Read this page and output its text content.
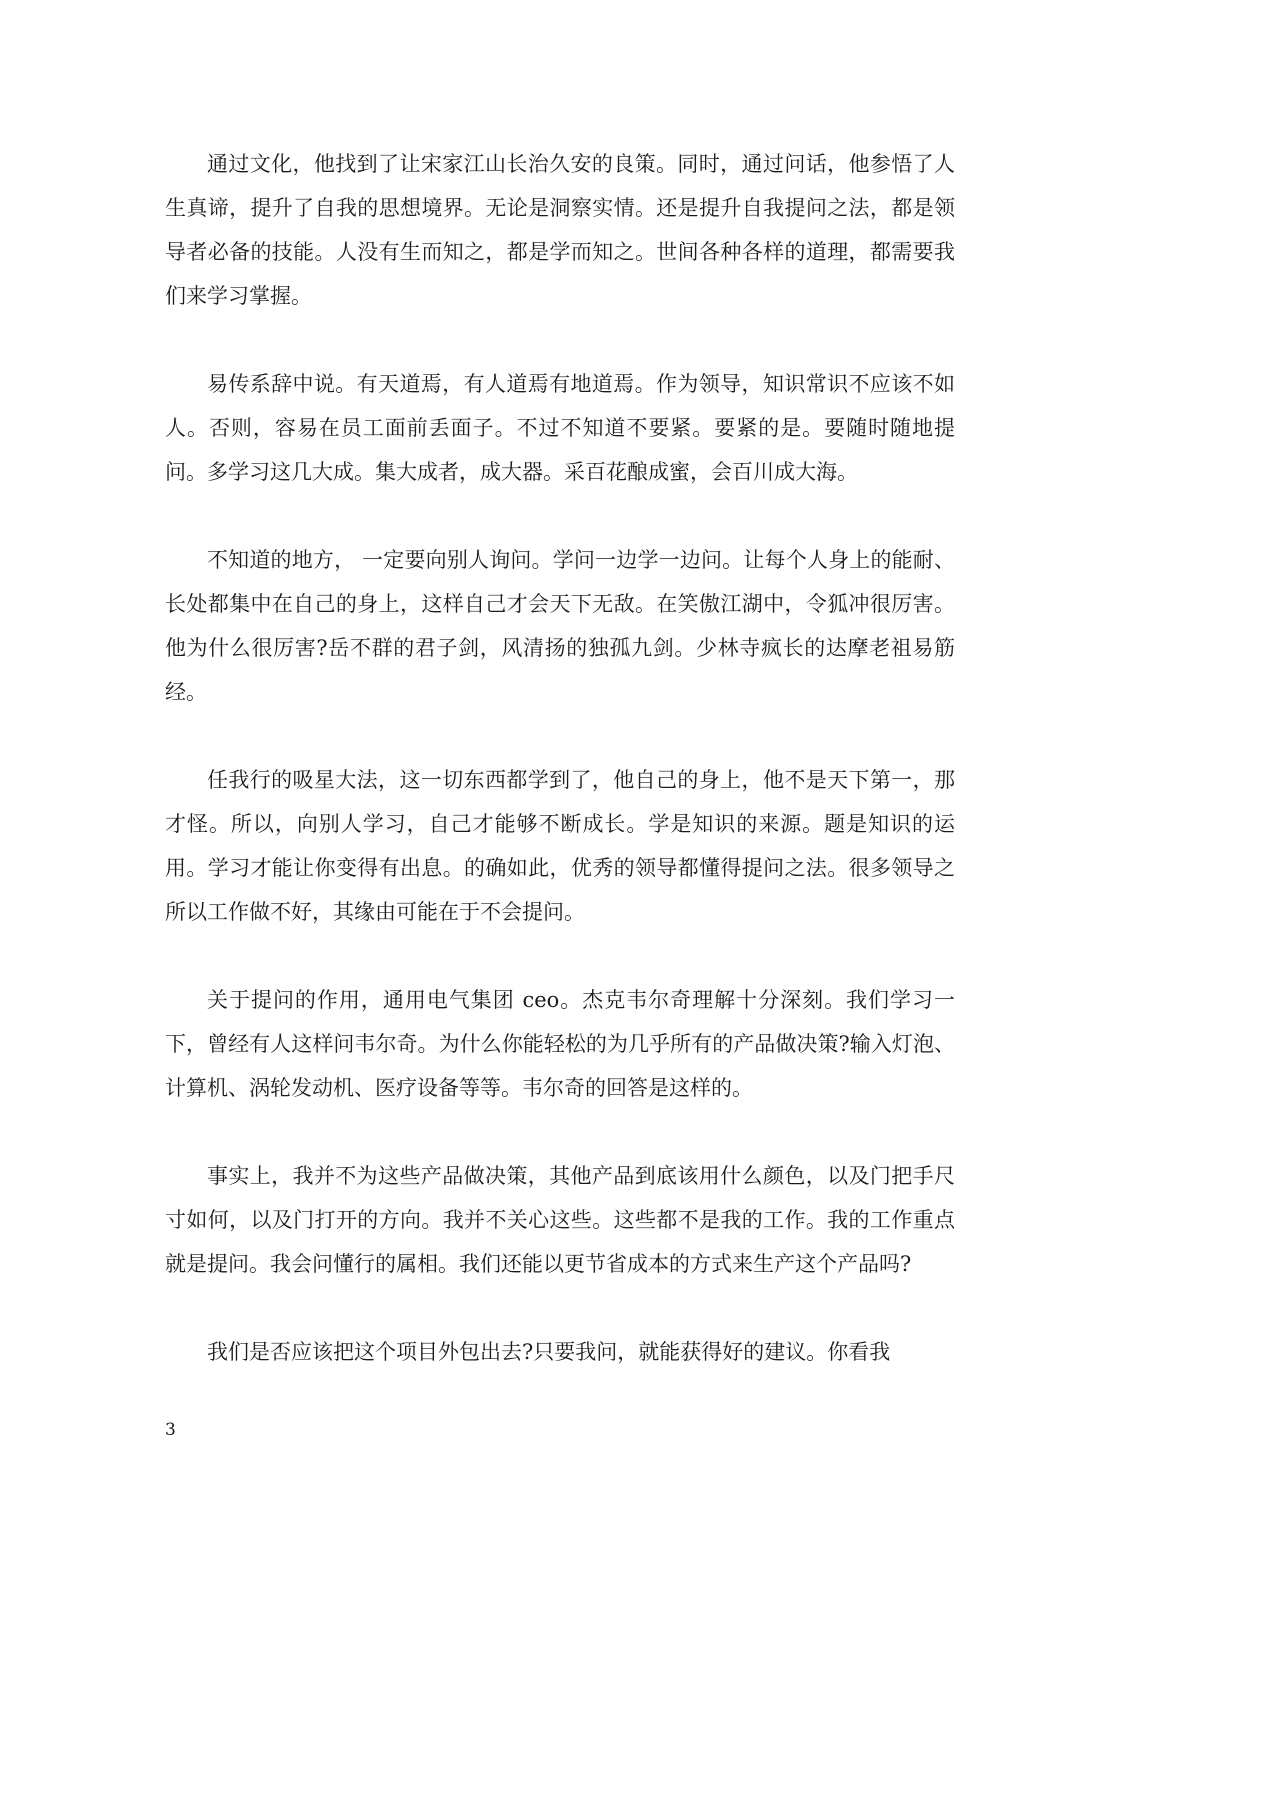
通过文化，他找到了让宋家江山长治久安的良策。同时，通过问话，他参悟了人生真谛，提升了自我的思想境界。无论是洞察实情。还是提升自我提问之法，都是领导者必备的技能。人没有生而知之，都是学而知之。世间各种各样的道理，都需要我们来学习掌握。

易传系辞中说。有天道焉，有人道焉有地道焉。作为领导，知识常识不应该不如人。否则，容易在员工面前丢面子。不过不知道不要紧。要紧的是。要随时随地提问。多学习这几大成。集大成者，成大器。采百花酿成蜜，会百川成大海。

不知道的地方， 一定要向别人询问。学问一边学一边问。让每个人身上的能耐、长处都集中在自己的身上，这样自己才会天下无敌。在笑傲江湖中，令狐冲很厉害。他为什么很厉害?岳不群的君子剑，风清扬的独孤九剑。少林寺疯长的达摩老祖易筋经。

任我行的吸星大法，这一切东西都学到了，他自己的身上，他不是天下第一，那才怪。所以，向别人学习，自己才能够不断成长。学是知识的来源。题是知识的运用。学习才能让你变得有出息。的确如此，优秀的领导都懂得提问之法。很多领导之所以工作做不好，其缘由可能在于不会提问。

关于提问的作用，通用电气集团 ceo。杰克韦尔奇理解十分深刻。我们学习一下，曾经有人这样问韦尔奇。为什么你能轻松的为几乎所有的产品做决策?输入灯泡、计算机、涡轮发动机、医疗设备等等。韦尔奇的回答是这样的。

事实上，我并不为这些产品做决策，其他产品到底该用什么颜色，以及门把手尺寸如何，以及门打开的方向。我并不关心这些。这些都不是我的工作。我的工作重点就是提问。我会问懂行的属相。我们还能以更节省成本的方式来生产这个产品吗?

我们是否应该把这个项目外包出去?只要我问，就能获得好的建议。你看我

3
